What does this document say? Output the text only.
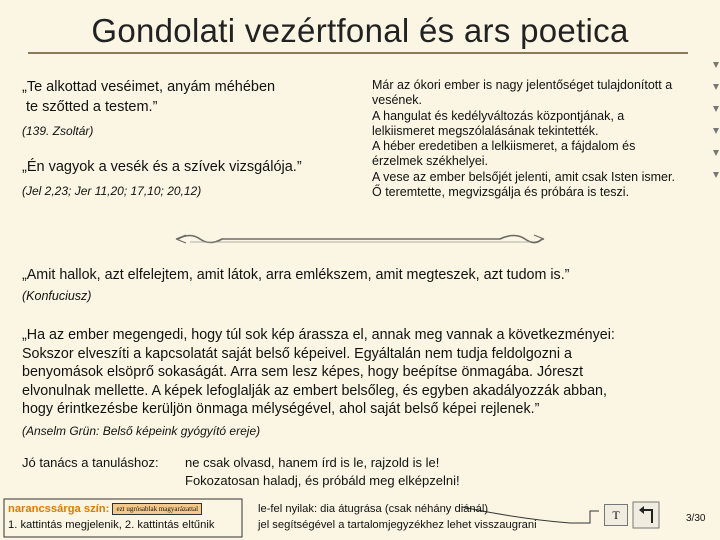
Gondolati vezértfonal és ars poetica
„Te alkottad veséimet, anyám méhében
te szőtted a testem.”
(139. Zsoltár)
„Én vagyok a vesék és a szívek vizsgálója.”
(Jel 2,23; Jer 11,20; 17,10; 20,12)
Már az ókori ember is nagy jelentőséget tulajdonított a
vesének.
A hangulat és kedélyváltozás központjának, a
lelkiismeret megszólalásának tekintették.
A héber eredetiben a lelkiismeret, a fájdalom és
érzelmek székhelyei.
A vese az ember belsőjét jelenti, amit csak Isten ismer.
Ő teremtette, megvizsgálja és próbára is teszi.
„Amit hallok, azt elfelejtem, amit látok, arra emlékszem, amit megteszek, azt tudom is.”
(Konfuciusz)
„Ha az ember megengedi, hogy túl sok kép árassza el, annak meg vannak a következményei:
Sokszor elveszíti a kapcsolatát saját belső képeivel. Egyáltalán nem tudja feldolgozni a
benyomások elsöprő sokaságát. Arra sem lesz képes, hogy beépítse önmagába. Jóreszt
elvonulnak mellette. A képek lefoglalják az embert belsőleg, és egyben akadályozzák abban,
hogy érintkezésbe kerüljön önmaga mélységével, ahol saját belső képei rejlenek.”
(Anselm Grün: Belső képeink gyógyító ereje)
Jó tanács a tanuláshoz: ne csak olvasd, hanem írd is le, rajzold is le!
Fokozatosan haladj, és próbáld meg elképzelni!
narancssárga szín: ezt ugrósablak magyarázattal
1. kattintás megjelenik, 2. kattintás eltűnik
le-fel nyilak: dia átugrása (csak néhány diánál)
jel segítségével a tartalomjegyzékhez lehet visszaugrani
T	3/30
